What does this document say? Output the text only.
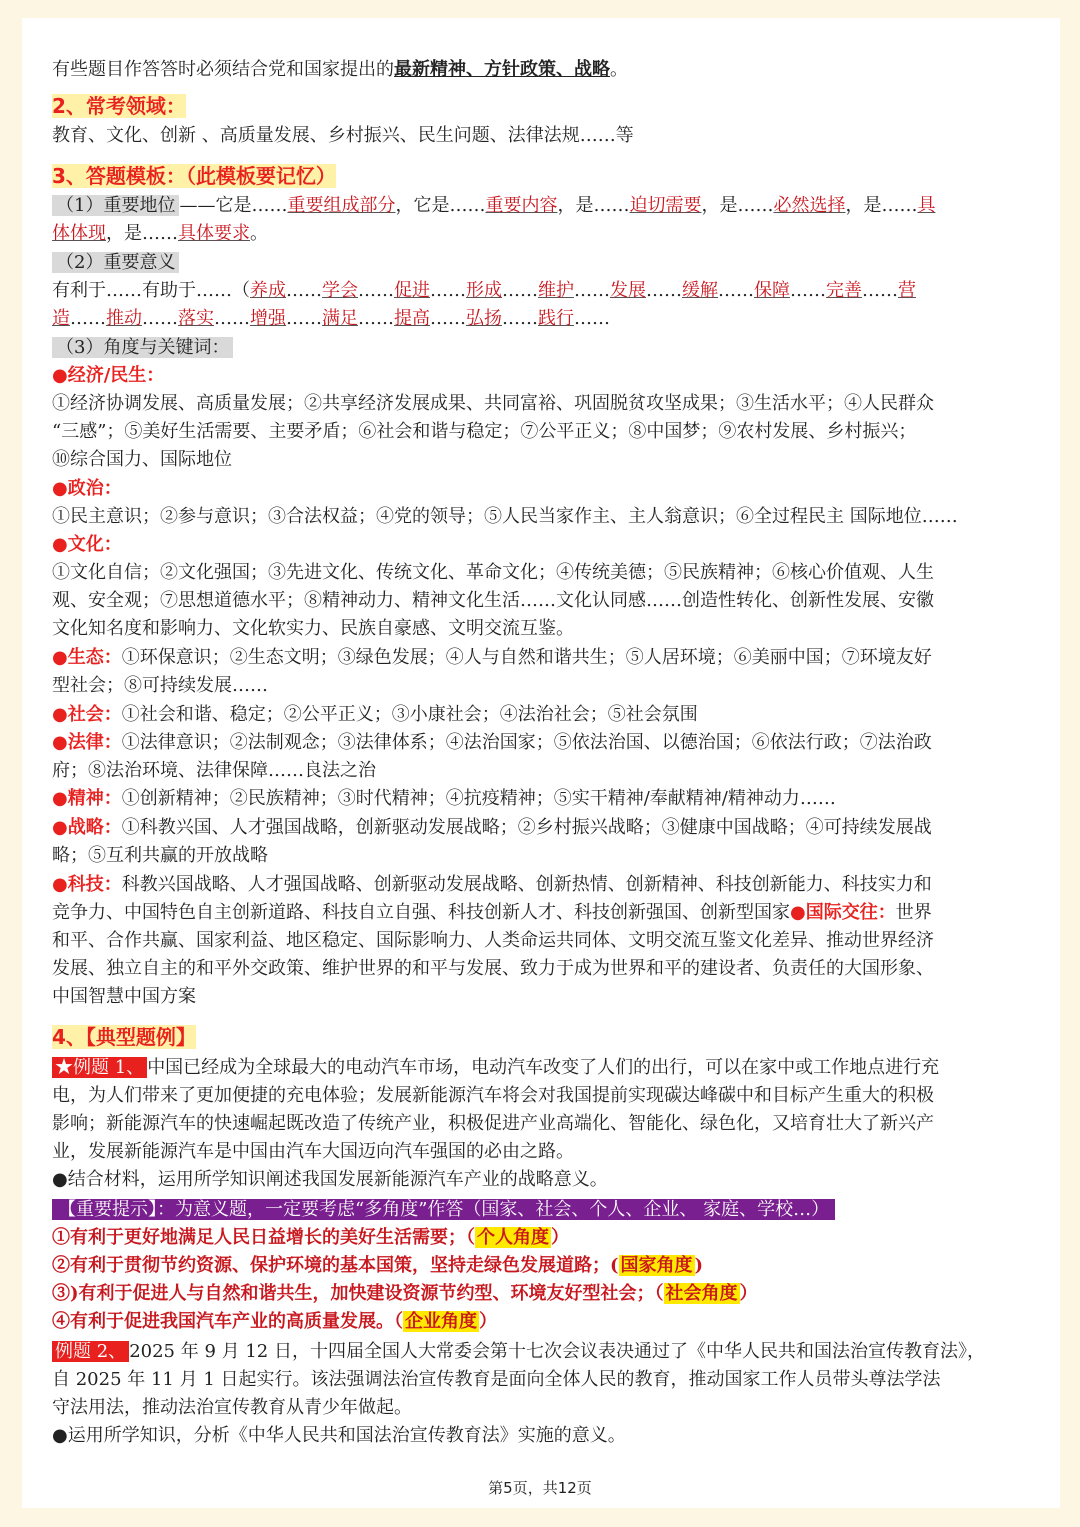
有些题目作答答时必须结合党和国家提出的最新精神、方针政策、战略。
2、常考领域：
教育、文化、创新 、高质量发展、乡村振兴、民生问题、法律法规……等
3、答题模板：（此模板要记忆）
（1）重要地位 ——它是……重要组成部分，它是……重要内容，是……迫切需要，是……必然选择，是……具
体体现，是……具体要求。
（2）重要意义
有利于……有助于……（养成……学会……促进……形成……维护……发展……缓解……保障……完善……营
造……推动……落实……增强……满足……提高……弘扬……践行……
（3）角度与关键词：
●经济/民生：
①经济协调发展、高质量发展；②共享经济发展成果、共同富裕、巩固脱贫攻坚成果；③生活水平；④人民群众
“三感”；⑤美好生活需要、主要矛盾；⑥社会和谐与稳定；⑦公平正义；⑧中国梦；⑨农村发展、乡村振兴；
⑩综合国力、国际地位
●政治：
①民主意识；②参与意识；③合法权益；④党的领导；⑤人民当家作主、主人翁意识；⑥全过程民主 国际地位……
●文化：
①文化自信；②文化强国；③先进文化、传统文化、革命文化；④传统美德；⑤民族精神；⑥核心价值观、人生
观、安全观；⑦思想道德水平；⑧精神动力、精神文化生活……文化认同感……创造性转化、创新性发展、安徽
文化知名度和影响力、文化软实力、民族自豪感、文明交流互鉴。
●生态：①环保意识；②生态文明；③绿色发展；④人与自然和谐共生；⑤人居环境；⑥美丽中国；⑦环境友好
型社会；⑧可持续发展……
●社会：①社会和谐、稳定；②公平正义；③小康社会；④法治社会；⑤社会氛围
●法律：①法律意识；②法制观念；③法律体系；④法治国家；⑤依法治国、以德治国；⑥依法行政；⑦法治政
府；⑧法治环境、法律保障……良法之治
●精神：①创新精神；②民族精神；③时代精神；④抗疫精神；⑤实干精神/奉献精神/精神动力……
●战略：①科教兴国、人才强国战略，创新驱动发展战略；②乡村振兴战略；③健康中国战略；④可持续发展战
略；⑤互利共赢的开放战略
●科技：科教兴国战略、人才强国战略、创新驱动发展战略、创新热情、创新精神、科技创新能力、科技实力和
竞争力、中国特色自主创新道路、科技自立自强、科技创新人才、科技创新强国、创新型国家●国际交往：世界
和平、合作共赢、国家利益、地区稳定、国际影响力、人类命运共同体、文明交流互鉴文化差异、推动世界经济
发展、独立自主的和平外交政策、维护世界的和平与发展、致力于成为世界和平的建设者、负责任的大国形象、
中国智慧中国方案
4、【典型题例】
★例题 1、 中国已经成为全球最大的电动汽车市场，电动汽车改变了人们的出行，可以在家中或工作地点进行充
电，为人们带来了更加便捷的充电体验；发展新能源汽车将会对我国提前实现碳达峰碳中和目标产生重大的积极
影响；新能源汽车的快速崛起既改造了传统产业，积极促进产业高端化、智能化、绿色化，又培育壮大了新兴产
业，发展新能源汽车是中国由汽车大国迈向汽车强国的必由之路。
●结合材料，运用所学知识阐述我国发展新能源汽车产业的战略意义。
【重要提示】：为意义题，一定要考虑“多角度”作答（国家、社会、个人、企业、 家庭、学校…）
①有利于更好地满足人民日益增长的美好生活需要；（ 个人角度 ）
②有利于贯彻节约资源、保护环境的基本国策，坚持走绿色发展道路；( 国家角度 )
③)有利于促进人与自然和谐共生，加快建设资源节约型、环境友好型社会；（ 社会角度 ）
④有利于促进我国汽车产业的高质量发展。（ 企业角度 ）
例题 2、 2025 年 9 月 12 日，十四届全国人大常委会第十七次会议表决通过了《中华人民共和国法治宣传教育法》，
自 2025 年 11 月 1 日起实行。该法强调法治宣传教育是面向全体人民的教育，推动国家工作人员带头尊法学法
守法用法，推动法治宣传教育从青少年做起。
●运用所学知识，分析《中华人民共和国法治宣传教育法》实施的意义。
第5页，共12页
